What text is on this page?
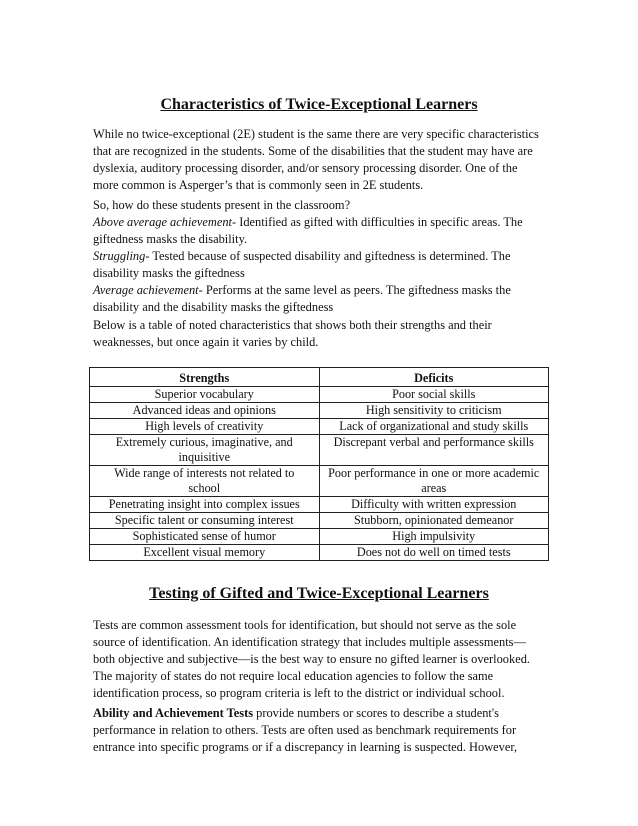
Characteristics of Twice-Exceptional Learners

While no twice-exceptional (2E) student is the same there are very specific characteristics that are recognized in the students. Some of the disabilities that the student may have are dyslexia, auditory processing disorder, and/or sensory processing disorder. One of the more common is Asperger’s that is commonly seen in 2E students.

So, how do these students present in the classroom?

Above average achievement- Identified as gifted with difficulties in specific areas. The giftedness masks the disability.

Struggling- Tested because of suspected disability and giftedness is determined. The disability masks the giftedness

Average achievement- Performs at the same level as peers. The giftedness masks the disability and the disability masks the giftedness

Below is a table of noted characteristics that shows both their strengths and their weaknesses, but once again it varies by child.

Strengths	Deficits
Superior vocabulary	Poor social skills
Advanced ideas and opinions	High sensitivity to criticism
High levels of creativity	Lack of organizational and study skills
Extremely curious, imaginative, and inquisitive	Discrepant verbal and performance skills
Wide range of interests not related to school	Poor performance in one or more academic areas
Penetrating insight into complex issues	Difficulty with written expression
Specific talent or consuming interest	Stubborn, opinionated demeanor
Sophisticated sense of humor	High impulsivity
Excellent visual memory	Does not do well on timed tests
Testing of Gifted and Twice-Exceptional Learners

Tests are common assessment tools for identification, but should not serve as the sole source of identification. An identification strategy that includes multiple assessments—both objective and subjective—is the best way to ensure no gifted learner is overlooked. The majority of states do not require local education agencies to follow the same identification process, so program criteria is left to the district or individual school.

Ability and Achievement Tests provide numbers or scores to describe a student's performance in relation to others. Tests are often used as benchmark requirements for entrance into specific programs or if a discrepancy in learning is suspected. However,
